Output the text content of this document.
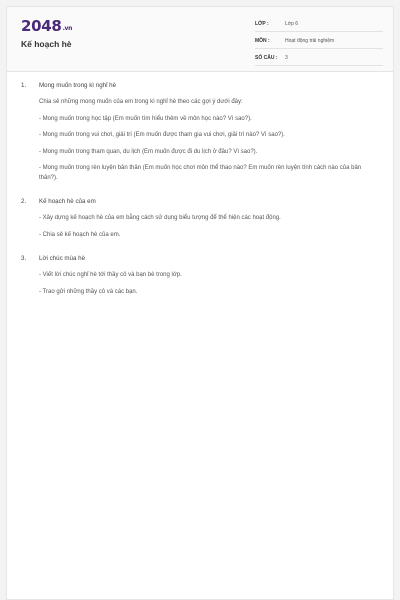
2048.vn
Kế hoạch hè
LỚP :	Lớp 6
MÔN :	Hoạt động trải nghiệm
SỐ CÂU :	3
1.	Mong muốn trong kì nghỉ hè
Chia sẻ những mong muốn của em trong kì nghỉ hè theo các gợi ý dưới đây:
- Mong muốn trong học tập (Em muốn tìm hiểu thêm về môn học nào? Vì sao?).
- Mong muốn trong vui chơi, giải trí (Em muốn được tham gia vui chơi, giải trí nào? Vì sao?).
- Mong muốn trong tham quan, du lịch (Em muốn được đi du lịch ở đâu? Vì sao?).
- Mong muốn trong rèn luyện bản thân (Em muốn học chơi môn thể thao nào? Em muốn rèn luyện tính cách nào của bản thân?).
2.	Kế hoạch hè của em
- Xây dựng kế hoạch hè của em bằng cách sử dụng biểu tượng để thể hiện các hoạt động.
- Chia sẻ kế hoạch hè của em.
3.	Lời chúc mùa hè
- Viết lời chúc nghỉ hè tới thầy cô và bạn bè trong lớp.
- Trao gửi những thầy cô và các bạn.
